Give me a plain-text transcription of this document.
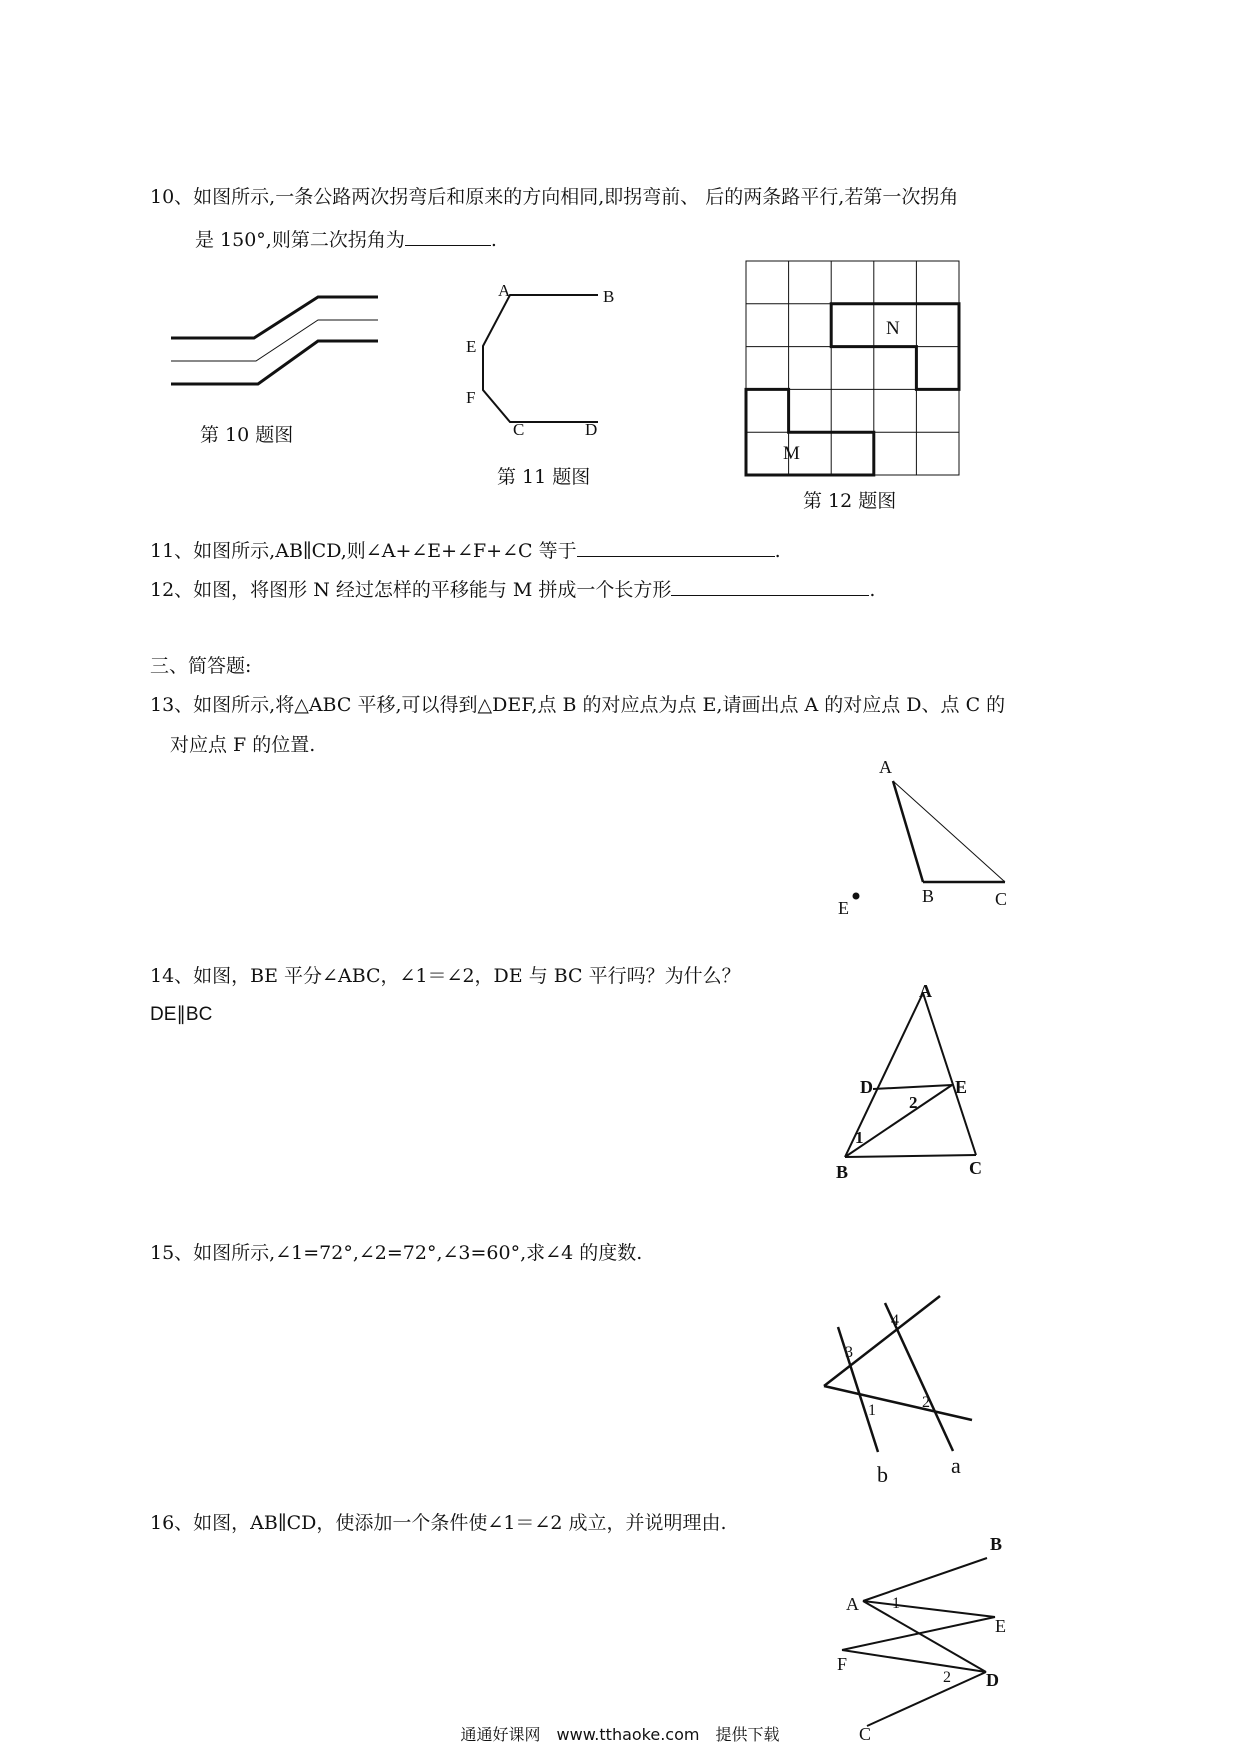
10、如图所示,一条公路两次拐弯后和原来的方向相同,即拐弯前、 后的两条路平行,若第一次拐角
是 150°,则第二次拐角为	.
第 10 题图
A	B
E
F
C	D
第 11 题图
N
M
第 12 题图
11、如图所示,AB∥CD,则∠A+∠E+∠F+∠C 等于	.
12、如图，将图形 N 经过怎样的平移能与 M 拼成一个长方形	.
三、简答题:
13、如图所示,将△ABC 平移,可以得到△DEF,点 B 的对应点为点 E,请画出点 A 的对应点 D、点 C 的
对应点 F 的位置.
A
B	C
E
14、如图，BE 平分∠ABC，∠1＝∠2，DE 与 BC 平行吗？为什么？
DE∥BC
A
D	E
B	C
2
1
15、如图所示,∠1=72°,∠2=72°,∠3=60°,求∠4 的度数.
3
4
1	2
b	a
16、如图，AB∥CD，使添加一个条件使∠1＝∠2 成立，并说明理由.
A
B
E
F
D
C
1
2
通通好课网　www.tthaoke.com　提供下载
